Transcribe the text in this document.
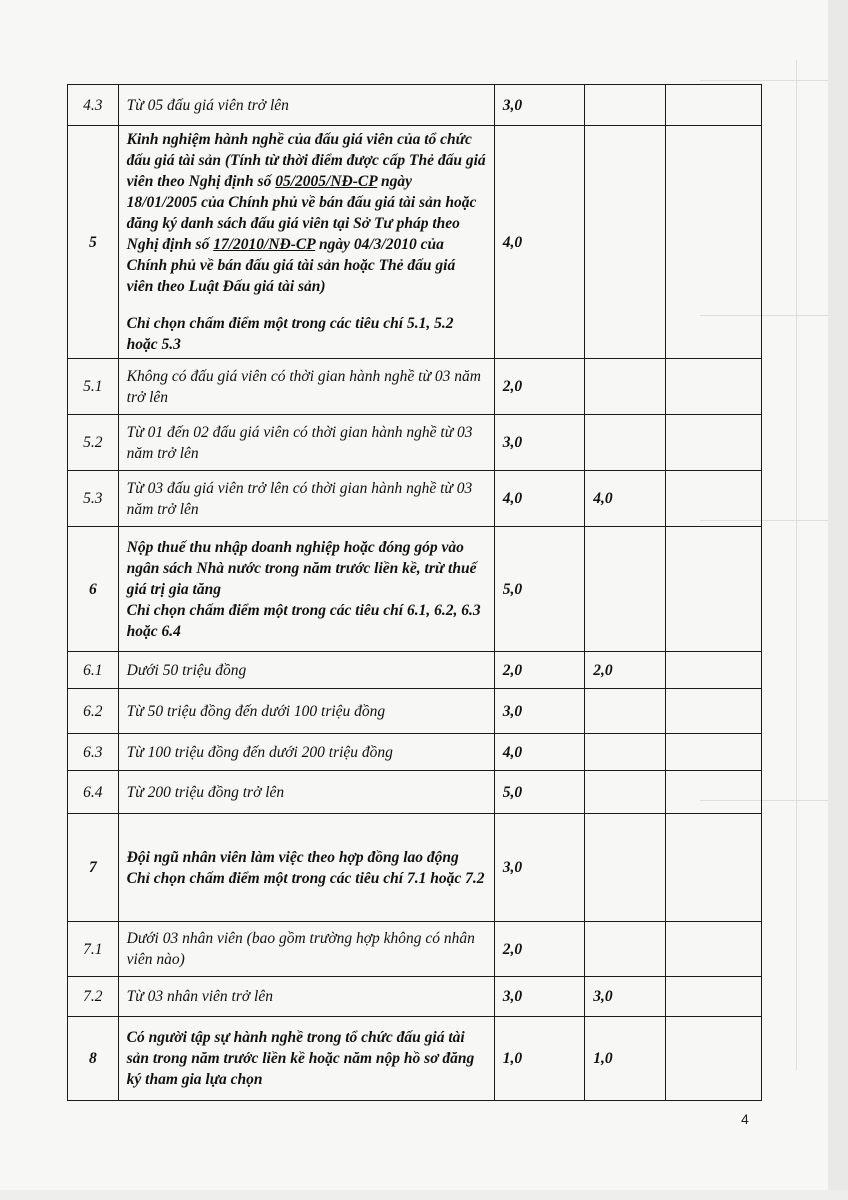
4.3	Từ 05 đấu giá viên trở lên	3,0		
5	Kinh nghiệm hành nghề của đấu giá viên của tổ chức đấu giá tài sản (Tính từ thời điểm được cấp Thẻ đấu giá viên theo Nghị định số 05/2005/NĐ-CP ngày 18/01/2005 của Chính phủ về bán đấu giá tài sản hoặc đăng ký danh sách đấu giá viên tại Sở Tư pháp theo Nghị định số 17/2010/NĐ-CP ngày 04/3/2010 của Chính phủ về bán đấu giá tài sản hoặc Thẻ đấu giá viên theo Luật Đấu giá tài sản)
Chỉ chọn chấm điểm một trong các tiêu chí 5.1, 5.2 hoặc 5.3	4,0		
5.1	Không có đấu giá viên có thời gian hành nghề từ 03 năm trở lên	2,0		
5.2	Từ 01 đến 02 đấu giá viên có thời gian hành nghề từ 03 năm trở lên	3,0		
5.3	Từ 03 đấu giá viên trở lên có thời gian hành nghề từ 03 năm trở lên	4,0	4,0	
6	Nộp thuế thu nhập doanh nghiệp hoặc đóng góp vào ngân sách Nhà nước trong năm trước liền kề, trừ thuế giá trị gia tăng
Chỉ chọn chấm điểm một trong các tiêu chí 6.1, 6.2, 6.3 hoặc 6.4	5,0		
6.1	Dưới 50 triệu đồng	2,0	2,0	
6.2	Từ 50 triệu đồng đến dưới 100 triệu đồng	3,0		
6.3	Từ 100 triệu đồng đến dưới 200 triệu đồng	4,0		
6.4	Từ 200 triệu đồng trở lên	5,0		
7	Đội ngũ nhân viên làm việc theo hợp đồng lao động
Chỉ chọn chấm điểm một trong các tiêu chí 7.1 hoặc 7.2	3,0		
7.1	Dưới 03 nhân viên (bao gồm trường hợp không có nhân viên nào)	2,0		
7.2	Từ 03 nhân viên trở lên	3,0	3,0	
8	Có người tập sự hành nghề trong tổ chức đấu giá tài sản trong năm trước liền kề hoặc năm nộp hồ sơ đăng ký tham gia lựa chọn	1,0	1,0	
4
